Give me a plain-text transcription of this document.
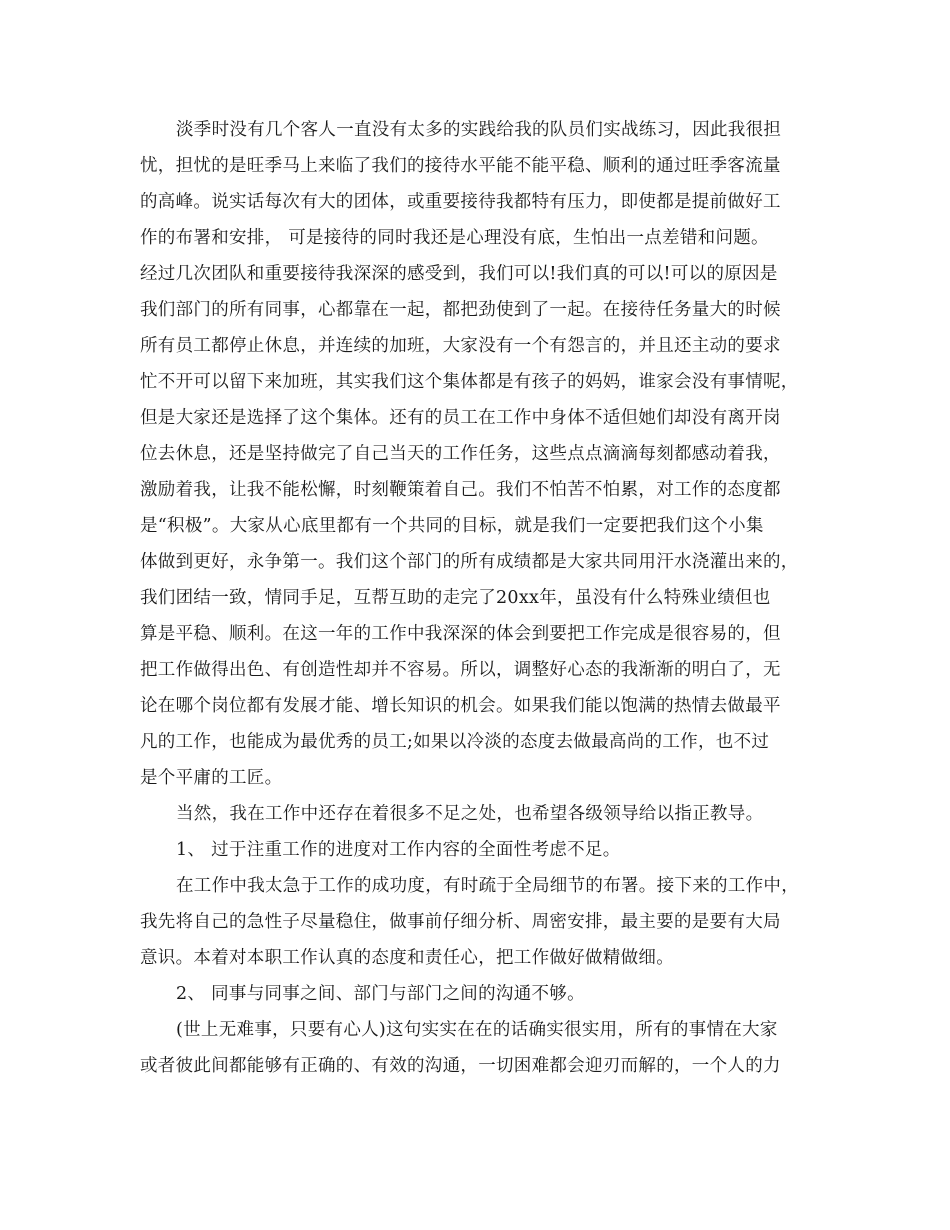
淡季时没有几个客人一直没有太多的实践给我的队员们实战练习，因此我很担
忧，担忧的是旺季马上来临了我们的接待水平能不能平稳、顺利的通过旺季客流量
的高峰。说实话每次有大的团体，或重要接待我都特有压力，即使都是提前做好工
作的布署和安排， 可是接待的同时我还是心理没有底，生怕出一点差错和问题。
经过几次团队和重要接待我深深的感受到，我们可以!我们真的可以!可以的原因是
我们部门的所有同事，心都靠在一起，都把劲使到了一起。在接待任务量大的时候
所有员工都停止休息，并连续的加班，大家没有一个有怨言的，并且还主动的要求
忙不开可以留下来加班，其实我们这个集体都是有孩子的妈妈，谁家会没有事情呢，
但是大家还是选择了这个集体。还有的员工在工作中身体不适但她们却没有离开岗
位去休息，还是坚持做完了自己当天的工作任务，这些点点滴滴每刻都感动着我，
激励着我，让我不能松懈，时刻鞭策着自己。我们不怕苦不怕累，对工作的态度都
是“积极”。大家从心底里都有一个共同的目标，就是我们一定要把我们这个小集
体做到更好，永争第一。我们这个部门的所有成绩都是大家共同用汗水浇灌出来的，
我们团结一致，情同手足，互帮互助的走完了20xx年，虽没有什么特殊业绩但也
算是平稳、顺利。在这一年的工作中我深深的体会到要把工作完成是很容易的，但
把工作做得出色、有创造性却并不容易。所以，调整好心态的我渐渐的明白了，无
论在哪个岗位都有发展才能、增长知识的机会。如果我们能以饱满的热情去做最平
凡的工作，也能成为最优秀的员工;如果以冷淡的态度去做最高尚的工作，也不过
是个平庸的工匠。
当然，我在工作中还存在着很多不足之处，也希望各级领导给以指正教导。
1、 过于注重工作的进度对工作内容的全面性考虑不足。
在工作中我太急于工作的成功度，有时疏于全局细节的布署。接下来的工作中，
我先将自己的急性子尽量稳住，做事前仔细分析、周密安排，最主要的是要有大局
意识。本着对本职工作认真的态度和责任心，把工作做好做精做细。
2、 同事与同事之间、部门与部门之间的沟通不够。
(世上无难事，只要有心人)这句实实在在的话确实很实用，所有的事情在大家
或者彼此间都能够有正确的、有效的沟通，一切困难都会迎刃而解的，一个人的力
